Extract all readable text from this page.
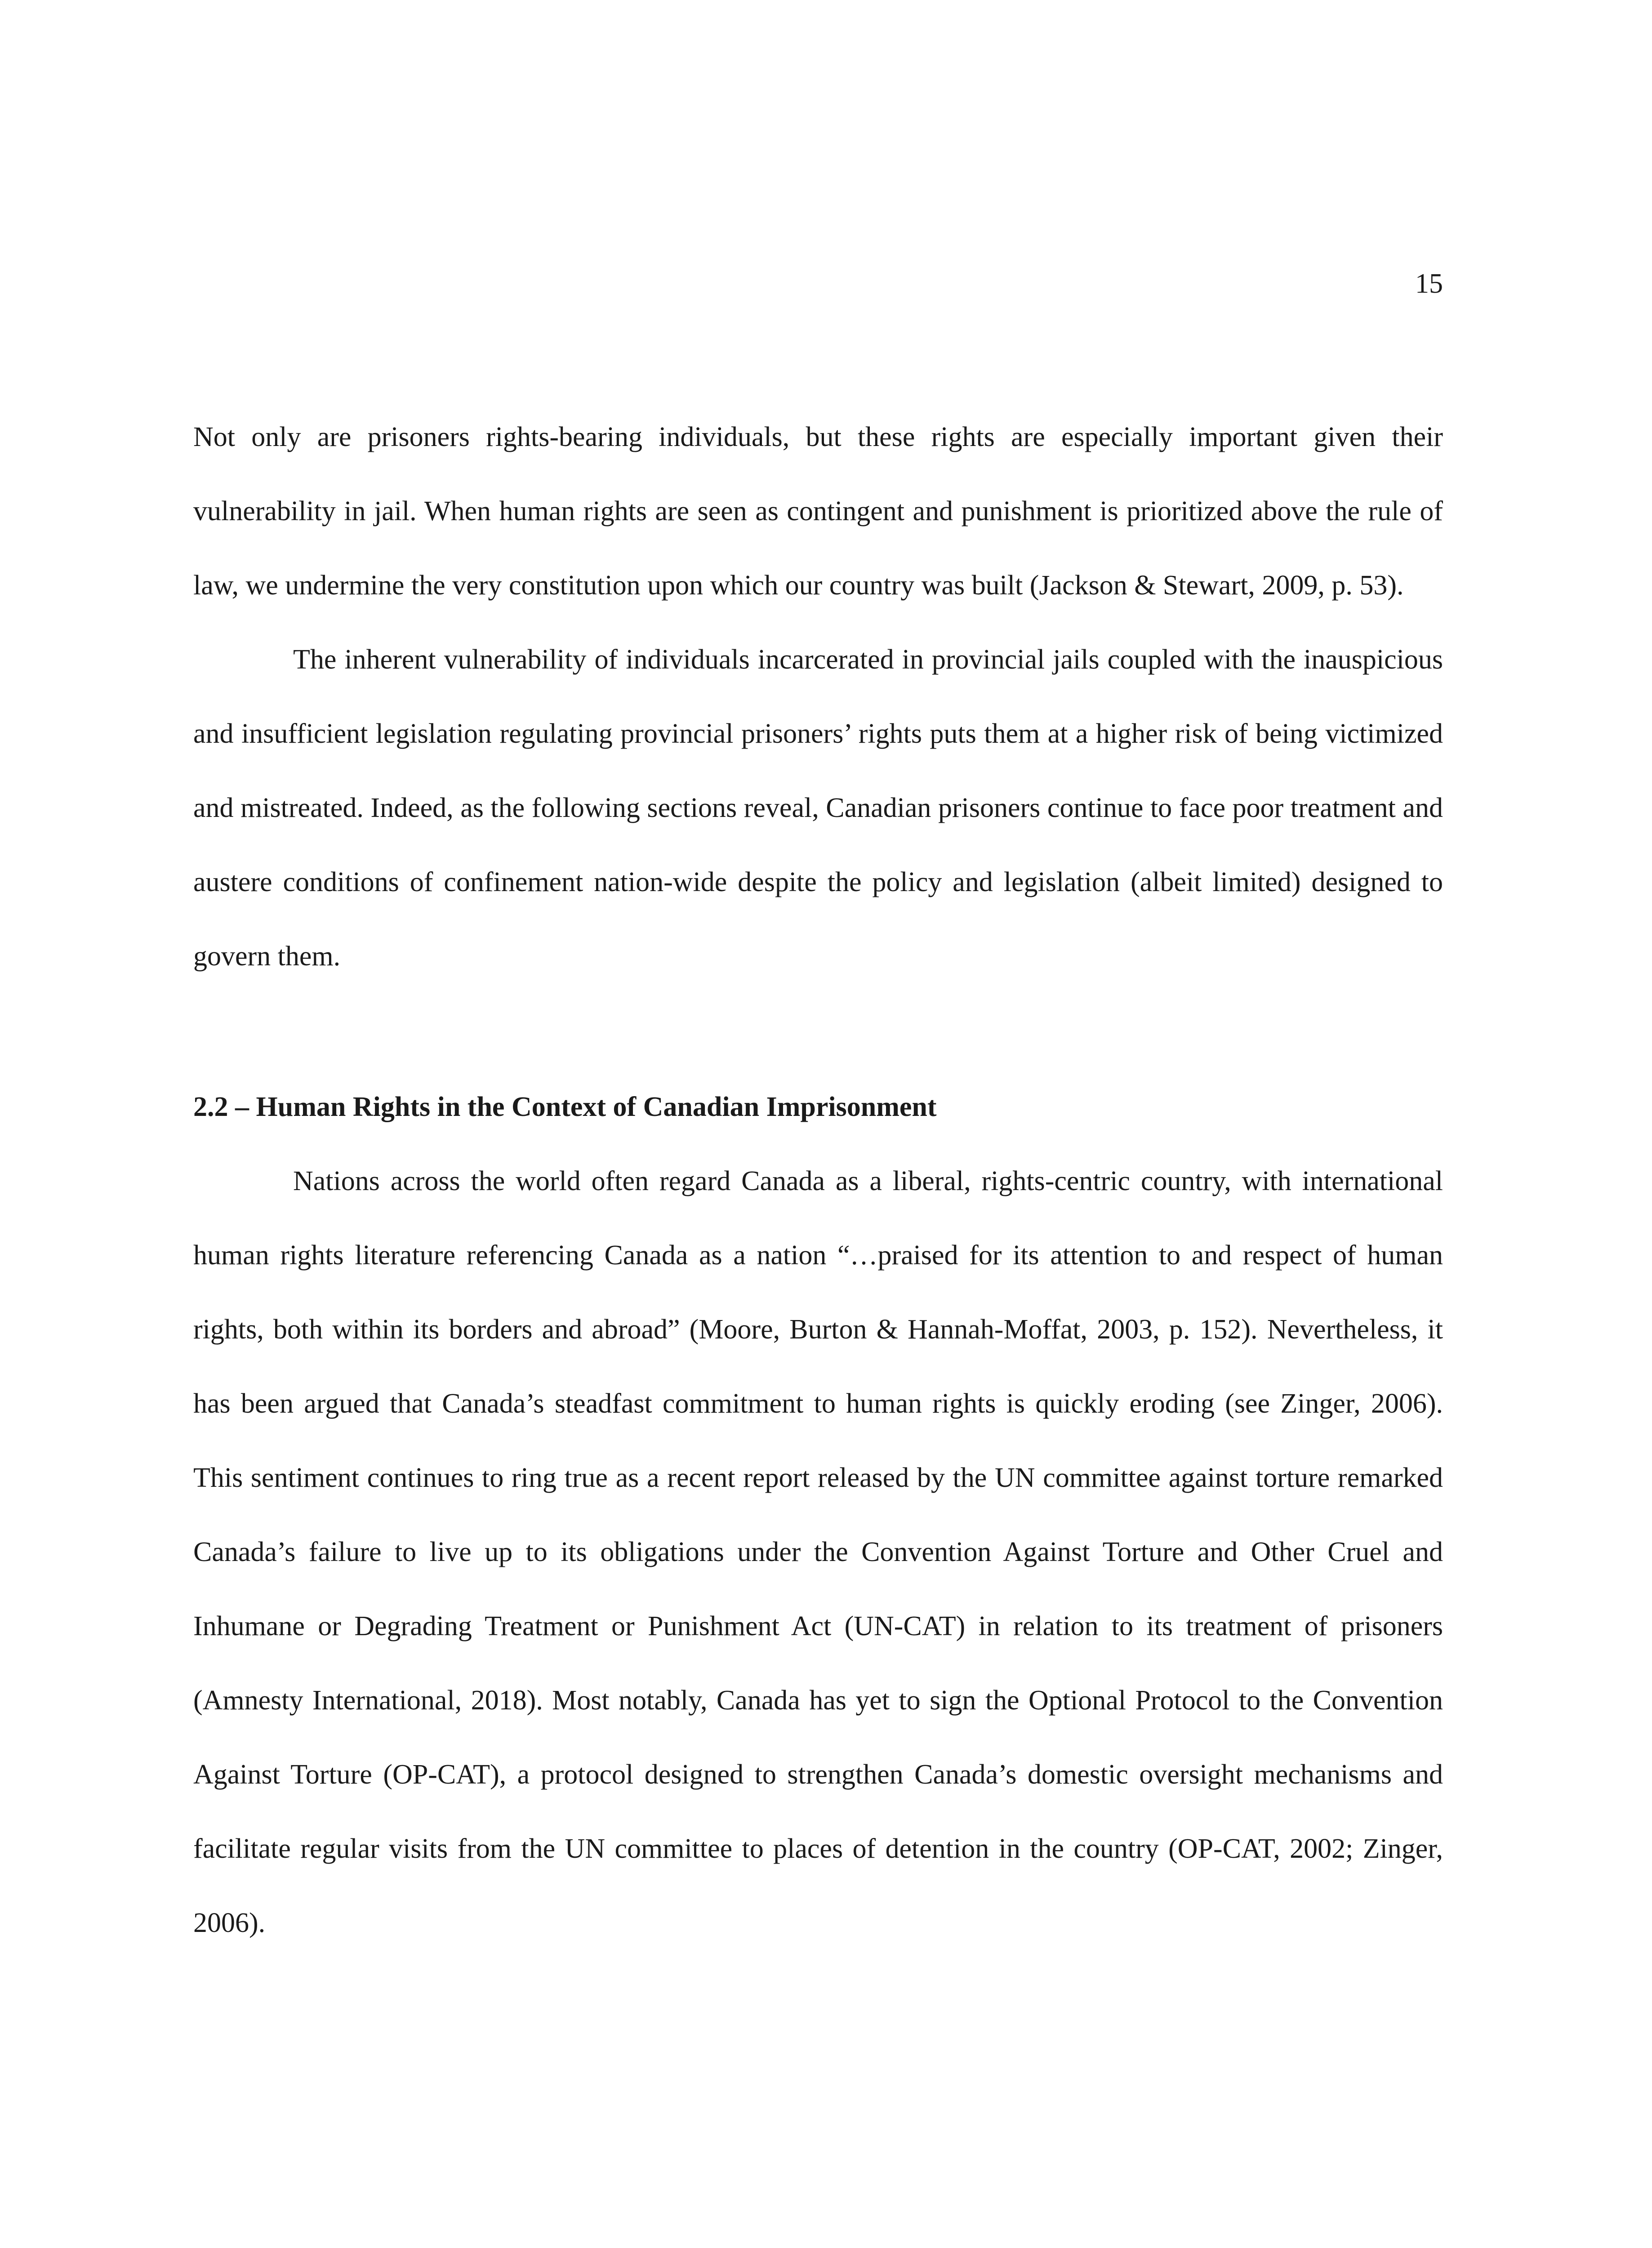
15

Not only are prisoners rights-bearing individuals, but these rights are especially important given their vulnerability in jail. When human rights are seen as contingent and punishment is prioritized above the rule of law, we undermine the very constitution upon which our country was built (Jackson & Stewart, 2009, p. 53).

The inherent vulnerability of individuals incarcerated in provincial jails coupled with the inauspicious and insufficient legislation regulating provincial prisoners’ rights puts them at a higher risk of being victimized and mistreated. Indeed, as the following sections reveal, Canadian prisoners continue to face poor treatment and austere conditions of confinement nation-wide despite the policy and legislation (albeit limited) designed to govern them.

2.2 – Human Rights in the Context of Canadian Imprisonment

Nations across the world often regard Canada as a liberal, rights-centric country, with international human rights literature referencing Canada as a nation “…praised for its attention to and respect of human rights, both within its borders and abroad” (Moore, Burton & Hannah-Moffat, 2003, p. 152). Nevertheless, it has been argued that Canada’s steadfast commitment to human rights is quickly eroding (see Zinger, 2006). This sentiment continues to ring true as a recent report released by the UN committee against torture remarked Canada’s failure to live up to its obligations under the Convention Against Torture and Other Cruel and Inhumane or Degrading Treatment or Punishment Act (UN-CAT) in relation to its treatment of prisoners (Amnesty International, 2018). Most notably, Canada has yet to sign the Optional Protocol to the Convention Against Torture (OP-CAT), a protocol designed to strengthen Canada’s domestic oversight mechanisms and facilitate regular visits from the UN committee to places of detention in the country (OP-CAT, 2002; Zinger, 2006).
